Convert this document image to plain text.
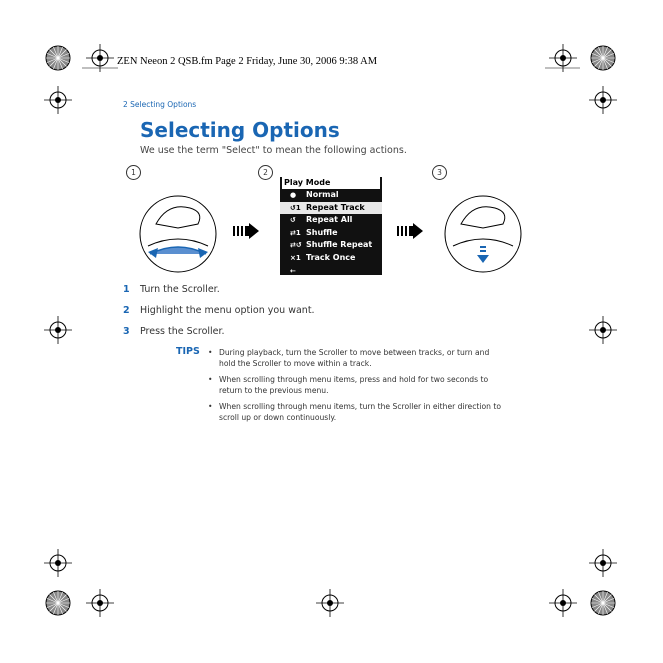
ZEN Neeon 2 QSB.fm Page 2 Friday, June 30, 2006 9:38 AM
2 Selecting Options
Selecting Options
We use the term "Select" to mean the following actions.
1	2	3
Play Mode
● Normal
↺1 Repeat Track
↺ Repeat All
⇄1 Shuffle
⇄↺ Shuffle Repeat
×1 Track Once
←
1 Turn the Scroller.
2 Highlight the menu option you want.
3 Press the Scroller.
TIPS • During playback, turn the Scroller to move between tracks, or turn and hold the Scroller to move within a track.
• When scrolling through menu items, press and hold for two seconds to return to the previous menu.
• When scrolling through menu items, turn the Scroller in either direction to scroll up or down continuously.
